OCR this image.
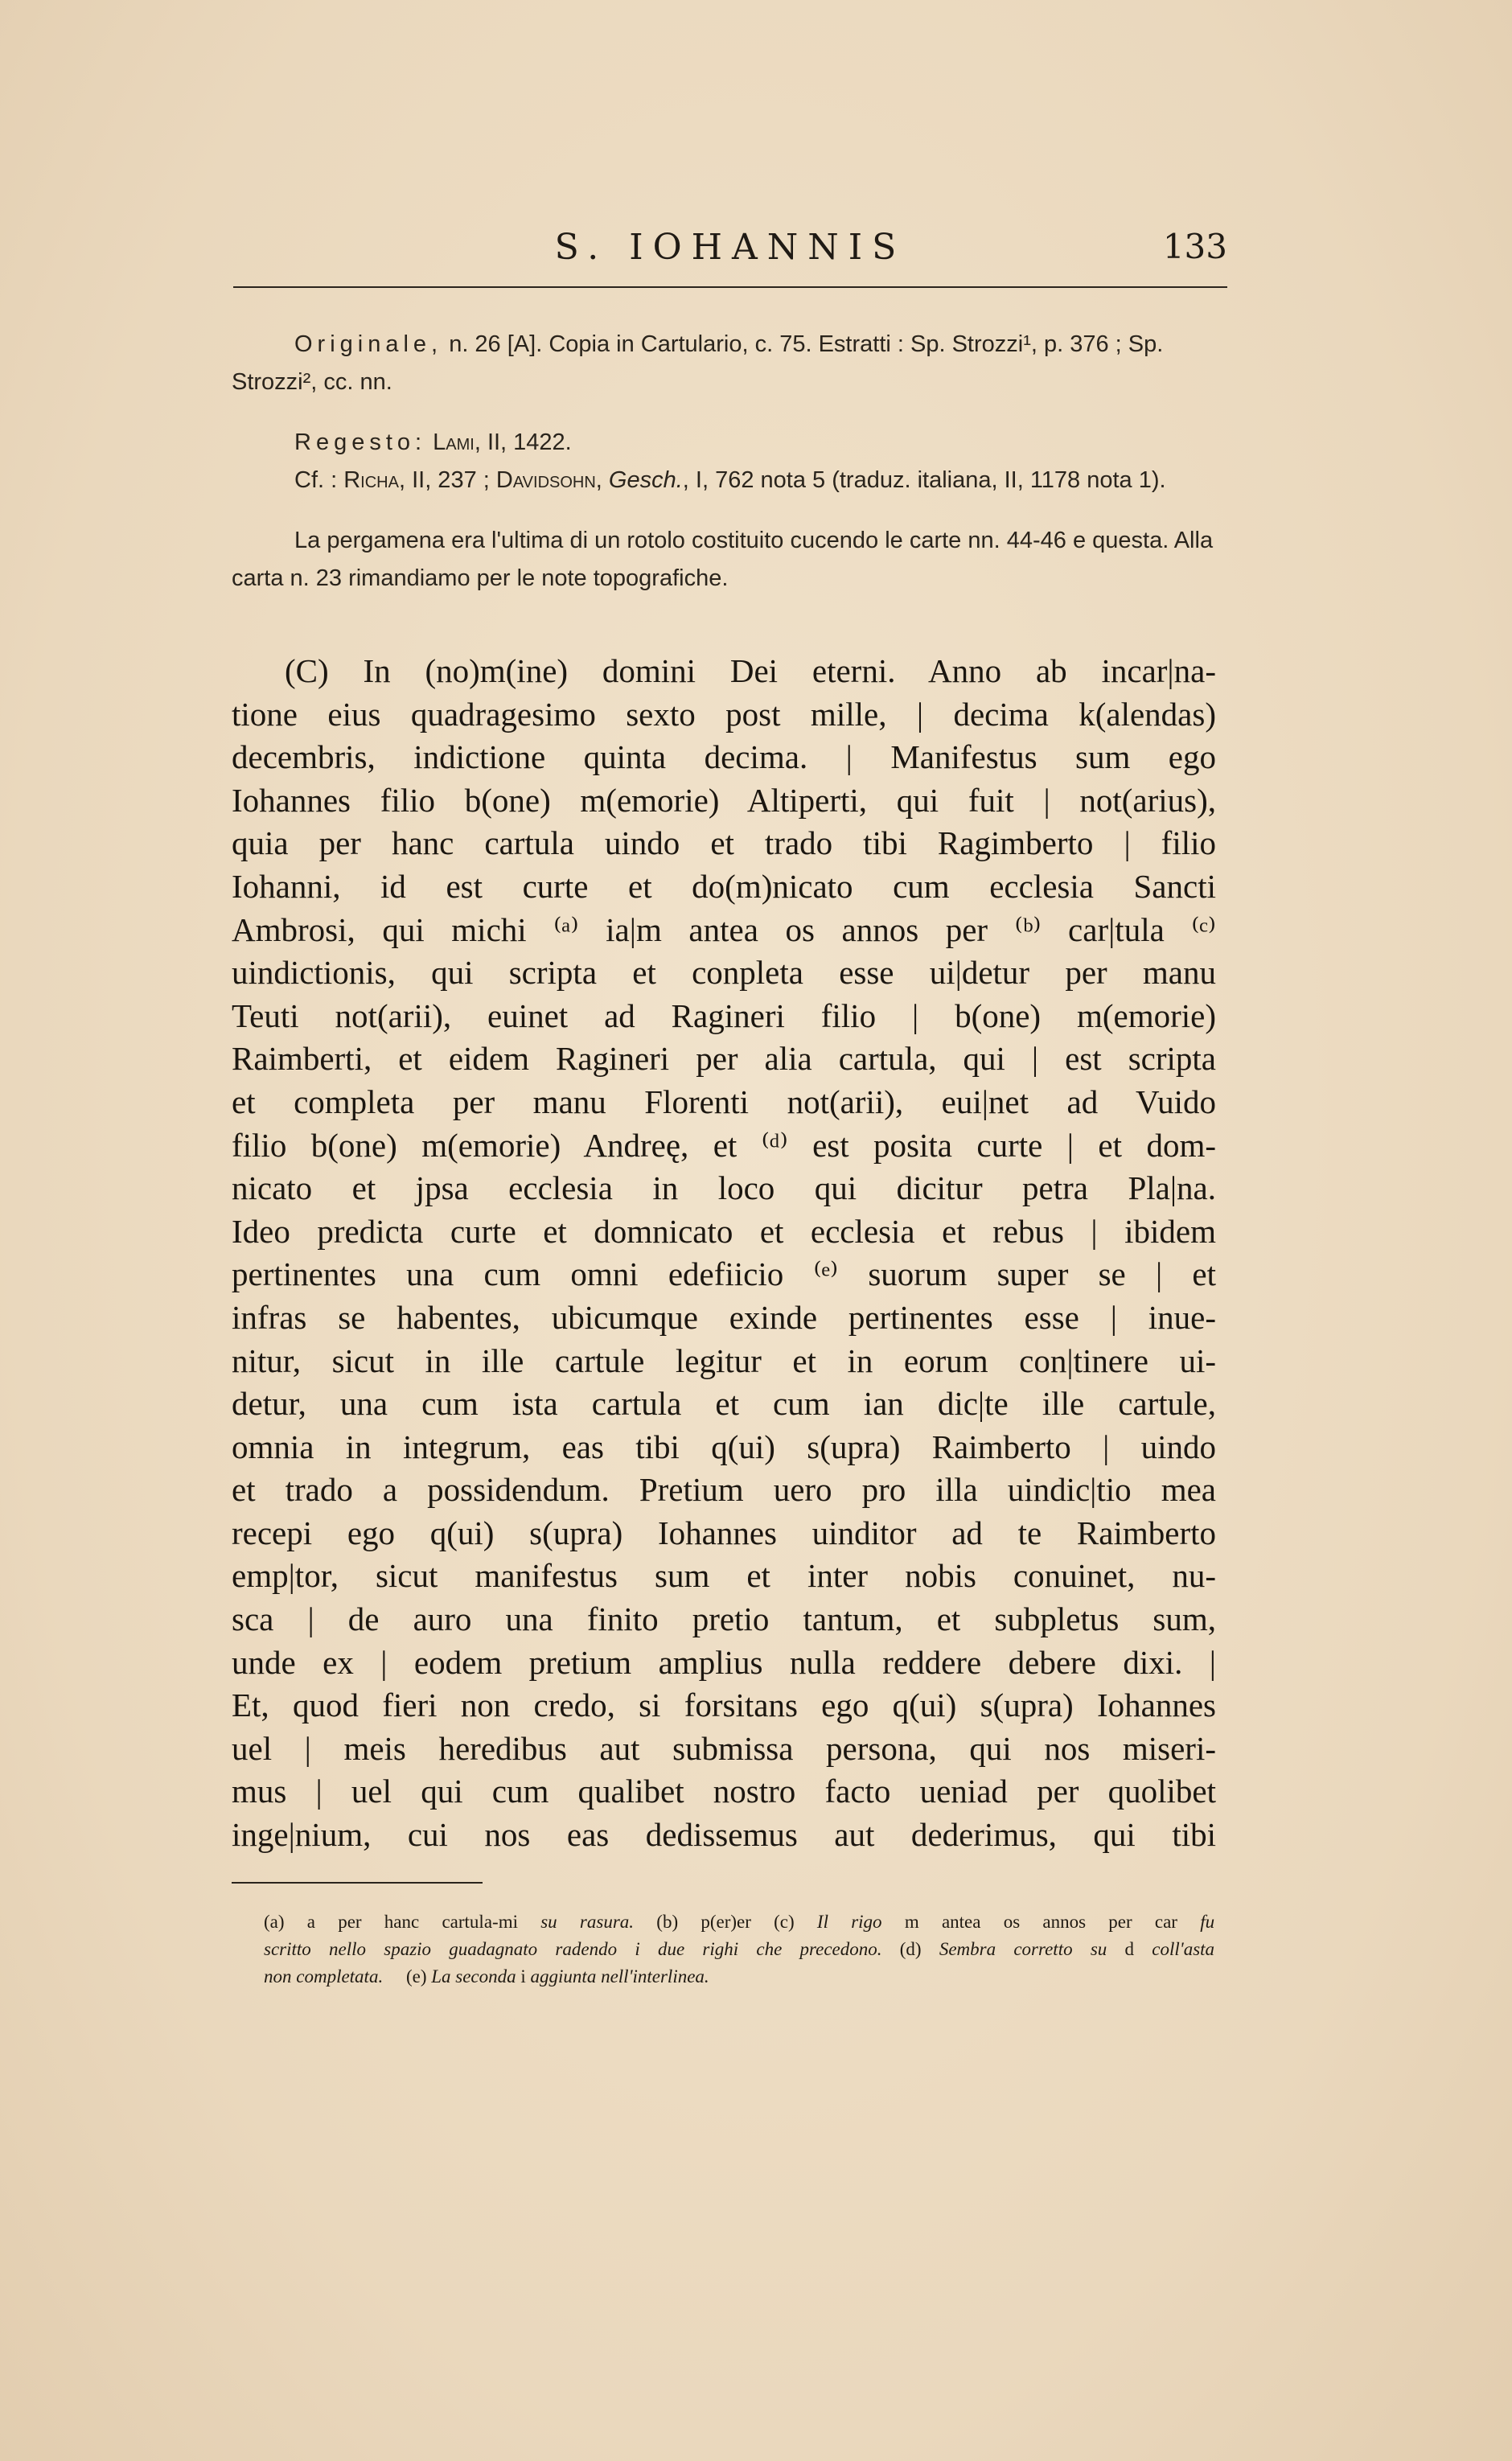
S. IOHANNIS	133

Originale, n. 26 [A]. Copia in Cartulario, c. 75. Estratti : Sp. Strozzi¹, p. 376 ; Sp. Strozzi², cc. nn.

Regesto: Lami, II, 1422.

Cf. : Richa, II, 237 ; Davidsohn, Gesch., I, 762 nota 5 (traduz. italiana, II, 1178 nota 1).

La pergamena era l'ultima di un rotolo costituito cucendo le carte nn. 44-46 e questa. Alla carta n. 23 rimandiamo per le note topografiche.

(C) In (no)m(ine) domini Dei eterni. Anno ab incar|na-
tione eius quadragesimo sexto post mille, | decima k(alendas)
decembris, indictione quinta decima. | Manifestus sum ego
Iohannes filio b(one) m(emorie) Altiperti, qui fuit | not(arius),
quia per hanc cartula uindo et trado tibi Ragimberto | filio
Iohanni, id est curte et do(m)nicato cum ecclesia Sancti
Ambrosi, qui michi ⁽ᵃ⁾ ia|m antea os annos per ⁽ᵇ⁾ car|tula ⁽ᶜ⁾
uindictionis, qui scripta et conpleta esse ui|detur per manu
Teuti not(arii), euinet ad Ragineri filio | b(one) m(emorie)
Raimberti, et eidem Ragineri per alia cartula, qui | est scripta
et completa per manu Florenti not(arii), eui|net ad Vuido
filio b(one) m(emorie) Andreę, et ⁽ᵈ⁾ est posita curte | et dom-
nicato et jpsa ecclesia in loco qui dicitur petra Pla|na.
Ideo predicta curte et domnicato et ecclesia et rebus | ibidem
pertinentes una cum omni edefiicio ⁽ᵉ⁾ suorum super se | et
infras se habentes, ubicumque exinde pertinentes esse | inue-
nitur, sicut in ille cartule legitur et in eorum con|tinere ui-
detur, una cum ista cartula et cum ian dic|te ille cartule,
omnia in integrum, eas tibi q(ui) s(upra) Raimberto | uindo
et trado a possidendum. Pretium uero pro illa uindic|tio mea
recepi ego q(ui) s(upra) Iohannes uinditor ad te Raimberto
emp|tor, sicut manifestus sum et inter nobis conuinet, nu-
sca | de auro una finito pretio tantum, et subpletus sum,
unde ex | eodem pretium amplius nulla reddere debere dixi. |
Et, quod fieri non credo, si forsitans ego q(ui) s(upra) Iohannes
uel | meis heredibus aut submissa persona, qui nos miseri-
mus | uel qui cum qualibet nostro facto ueniad per quolibet
inge|nium, cui nos eas dedissemus aut dederimus, qui tibi
(a) a per hanc cartula-mi su rasura. (b) p(er)er (c) Il rigo m antea os annos per car fu
scritto nello spazio guadagnato radendo i due righi che precedono. (d) Sembra corretto su d coll'asta
non completata. (e) La seconda i aggiunta nell'interlinea.
